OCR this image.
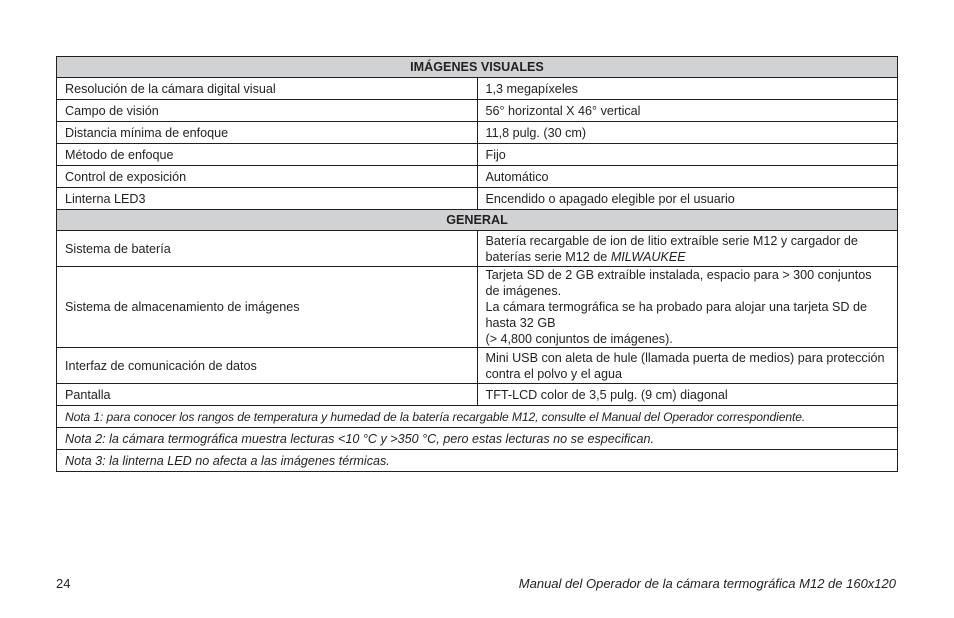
IMÁGENES VISUALES	
Resolución de la cámara digital visual	1,3 megapíxeles
Campo de visión	56° horizontal X 46° vertical
Distancia mínima de enfoque	11,8 pulg. (30 cm)
Método de enfoque	Fijo
Control de exposición	Automático
Linterna LED3	Encendido o apagado elegible por el usuario
GENERAL	
Sistema de batería	Batería recargable de ion de litio extraíble serie M12 y cargador de baterías serie M12 de MILWAUKEE
Sistema de almacenamiento de imágenes	Tarjeta SD de 2 GB extraíble instalada, espacio para > 300 conjuntos de imágenes.
La cámara termográfica se ha probado para alojar una tarjeta SD de hasta 32 GB
(> 4,800 conjuntos de imágenes).

Interfaz de comunicación de datos	Mini USB con aleta de hule (llamada puerta de medios) para protección contra el polvo y el agua
Pantalla	TFT-LCD color de 3,5 pulg. (9 cm) diagonal
Nota 1: para conocer los rangos de temperatura y humedad de la batería recargable M12, consulte el Manual del Operador correspondiente.	
Nota 2: la cámara termográfica muestra lecturas <10 °C y >350 °C, pero estas lecturas no se especifican.	
Nota 3: la linterna LED no afecta a las imágenes térmicas.	
24	Manual del Operador de la cámara termográfica M12 de 160x120
